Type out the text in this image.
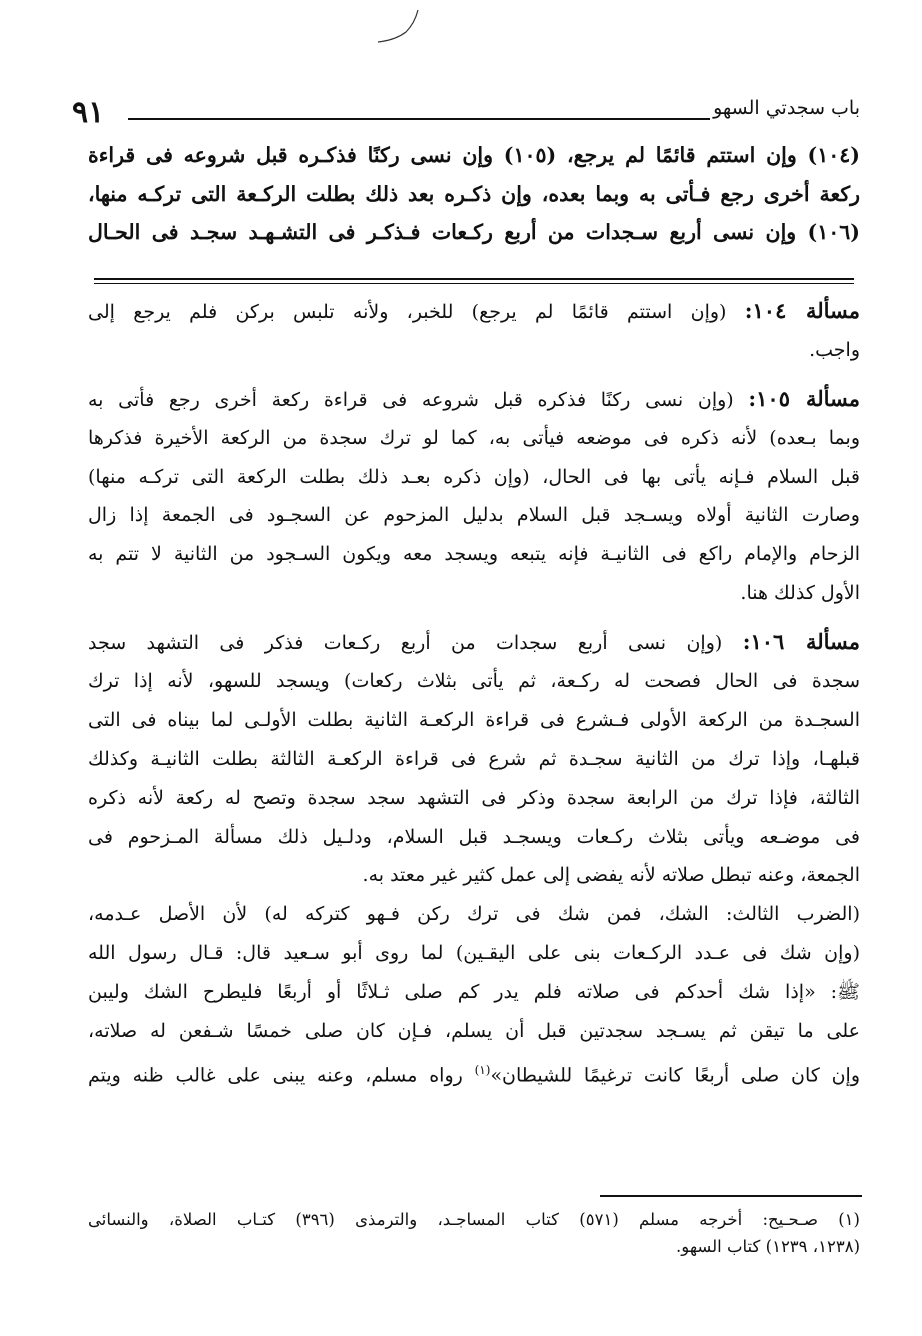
باب سجدتي السهو
٩١

(١٠٤) وإن استتم قائمًا لم يرجع، (١٠٥) وإن نسى ركنًا فذكـره قبل شروعه فى قراءة

ركعة أخرى رجع فـأتى به وبما بعده، وإن ذكـره بعد ذلك بطلت الركـعة التى تركـه منها،

(١٠٦) وإن نسى أربع سـجدات من أربع ركـعات فـذكـر فى التشـهـد سجـد فى الحـال

مسألة ١٠٤: (وإن استتم قائمًا لم يرجع) للخبر، ولأنه تلبس بركن فلم يرجع إلى
واجب.
مسألة ١٠٥: (وإن نسى ركنًا فذكره قبل شروعه فى قراءة ركعة أخرى رجع فأتى به
وبما بـعده) لأنه ذكره فى موضعه فيأتى به، كما لو ترك سجدة من الركعة الأخيرة فذكرها
قبل السلام فـإنه يأتى بها فى الحال، (وإن ذكره بعـد ذلك بطلت الركعة التى تركـه منها)
وصارت الثانية أولاه ويسـجد قبل السلام بدليل المزحوم عن السجـود فى الجمعة إذا زال
الزحام والإمام راكع فى الثانيـة فإنه يتبعه ويسجد معه ويكون السـجود من الثانية لا تتم به
الأول كذلك هنا.
مسألة ١٠٦: (وإن نسى أربع سجدات من أربع ركـعات فذكر فى التشهد سجد
سجدة فى الحال فصحت له ركـعة، ثم يأتى بثلاث ركعات) ويسجد للسهو، لأنه إذا ترك
السجـدة من الركعة الأولى فـشرع فى قراءة الركعـة الثانية بطلت الأولـى لما بيناه فى التى
قبلهـا، وإذا ترك من الثانية سجـدة ثم شرع فى قراءة الركعـة الثالثة بطلت الثانيـة وكذلك
الثالثة، فإذا ترك من الرابعة سجدة وذكر فى التشهد سجد سجدة وتصح له ركعة لأنه ذكره
فى موضـعه ويأتى بثلاث ركـعات ويسجـد قبل السلام، ودلـيل ذلك مسألة المـزحوم فى
الجمعة، وعنه تبطل صلاته لأنه يفضى إلى عمل كثير غير معتد به.
(الضرب الثالث: الشك، فمن شك فى ترك ركن فـهو كتركه له) لأن الأصل عـدمه،
(وإن شك فى عـدد الركـعات بنى على اليقـين) لما روى أبو سـعيد قال: قـال رسول الله
ﷺ: «إذا شك أحدكم فى صلاته فلم يدر كم صلى ثـلاثًا أو أربعًا فليطرح الشك وليبن
على ما تيقن ثم يسـجد سجدتين قبل أن يسلم، فـإن كان صلى خمسًا شـفعن له صلاته،
وإن كان صلى أربعًا كانت ترغيمًا للشيطان»$^{(١)}$ رواه مسلم، وعنه يبنى على غالب ظنه ويتم
(١) صـحـيح: أخرجه مسلم (٥٧١) كتاب المساجـد، والترمذى (٣٩٦) كتـاب الصلاة، والنسائى
(١٢٣٨، ١٢٣٩) كتاب السهو.
